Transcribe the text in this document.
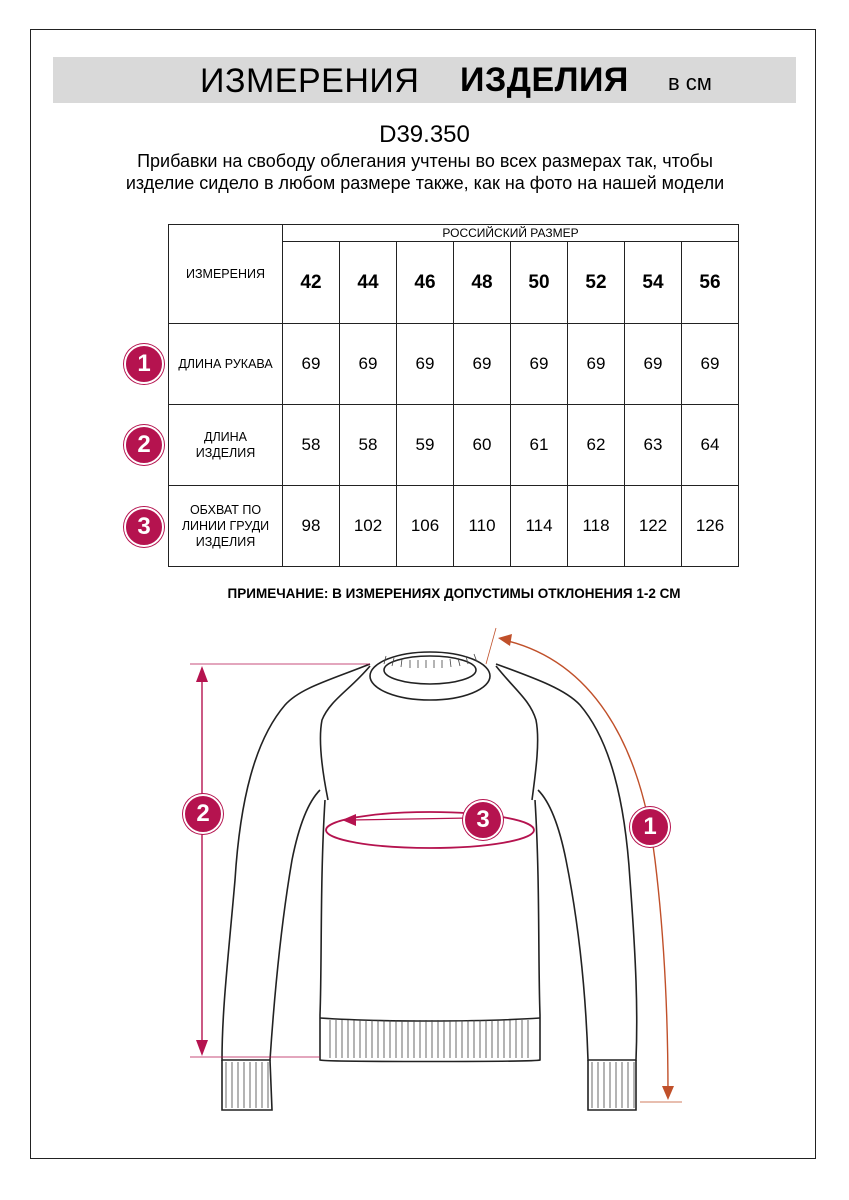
ИЗМЕРЕНИЯ ИЗДЕЛИЯ в см
D39.350
Прибавки на свободу облегания учтены во всех размерах так, чтобы изделие сидело в любом размере также, как на фото на нашей модели
ИЗМЕРЕНИЯ	РОССИЙСКИЙ РАЗМЕР							
	42	44	46	48	50	52	54	56
ДЛИНА РУКАВА	69	69	69	69	69	69	69	69
ДЛИНА ИЗДЕЛИЯ	58	58	59	60	61	62	63	64
ОБХВАТ ПО ЛИНИИ ГРУДИ ИЗДЕЛИЯ	98	102	106	110	114	118	122	126
1
2
3
ПРИМЕЧАНИЕ: В ИЗМЕРЕНИЯХ ДОПУСТИМЫ ОТКЛОНЕНИЯ 1-2 СМ
2	3	1
